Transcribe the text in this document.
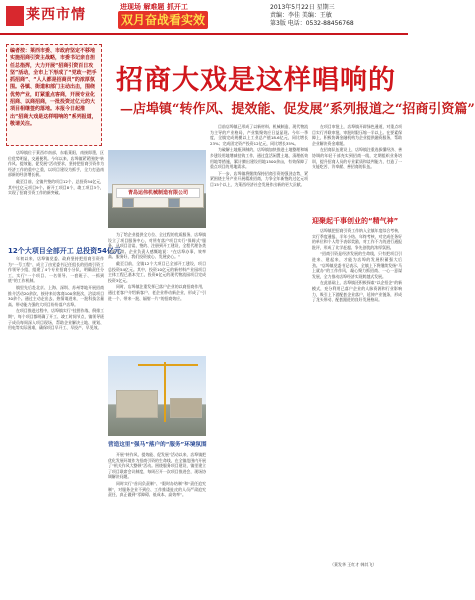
莱西市情	进现场 解难题 抓开工
双月奋战看实效
2013年5月22日 星期三
责编：李佳 美编：王敏
第3版 电话：0532-88456768
编者按：莱西市委、市政府坚定不移地实施招商引资主战略，市委书记亲自担任总指挥，大力开展“招商引资百日攻坚”活动，全市上下形成了“党政一把手抓招商”、“人人都是招商员”的浓厚氛围。各镇、街道和部门主动出击，围绕优势产业，盯紧重点客商，开展专业化招商、以商招商，一批投资过亿元的大项目相继签约落地。本报今日起推出“招商大戏是这样唱响的”系列报道，敬请关注。
招商大戏是这样唱响的
—店埠镇“转作风、提效能、促发展”系列报道之“招商引资篇”

店埠镇位于莱西市南部，东临莱阳，南接即墨，区位优势明显，交通便利。今年以来，店埠镇紧紧围绕“转作风、提效能、促发展”活动要求，坚持把招商引资作为经济工作的重中之重，以项目建设为抓手，全力打造南部新的经济增长极。

截至目前，全镇共签约项目12个，总投资54亿元，其中过亿元项目9个。新开工项目8个，竣工项目3个，实现了招商引资工作的新突破。

12个大项目全部开工 总投资54亿元

年初以来，店埠镇党委、政府坚持把招商引资作为“一号工程”，成立了由党委书记任组长的招商引资工作领导小组，组建了4个专业招商小分队，明确责任分工，实行“一个项目、一名领导、一套班子、一抓到底”的工作机制。

镇里先后赴北京、上海、深圳、苏州等地开展招商推介活动20余次，接待来访客商100余批次，洽谈项目30余个。通过主动走出去、热情请进来，一批科技含量高、带动能力强的大项目纷纷落户店埠。

在项目推进过程中，店埠镇实行“挂图作战、倒排工期”，每个项目都明确了开工、竣工时间节点，镇领导班子成员每周深入项目现场，帮助企业解决土地、规划、用电等实际困难，确保项目早开工、早投产、早见效。

青岛运伟机械制造有限公司

为了给企业提供全方位、全过程的优质服务，店埠镇设立了项目服务中心，对所有落户项目实行“保姆式”服务，从项目洽谈、签约、注册到开工建设，全程代理各类审批手续。企业负责人感慨地说：“在店埠办事，效率高、服务好，我们投资放心、发展安心。”

截至目前，全镇12个大项目已全部开工建设，项目总投资54亿元。其中，投资10亿元的新材料产业园项目主体工程已基本完工，投资8亿元的现代物流园项目完成投资3亿元。

同时，店埠镇注重发挥已落户企业的以商招商作用，通过老客户介绍新客户、老企业带动新企业，形成了“引进一个、带来一批、辐射一片”的招商效应。

营造这里“强马”落户的“服务”环境氛围

开展“转作风、提效能、促发展”活动以来，店埠镇把优化发展环境作为招商引资的生命线，在全镇范围内开展了“机关作风大整顿”活动。围绕服务项目建设，镇里建立了项目联席会议制度，每周召开一次项目推进会，现场协调解决问题。

同时实行“首问负责制”、“限时办结制”和“责任追究制”，对服务企业不到位、工作推诿扯皮的人员严肃追究责任，真正做到“零障碍、低成本、高效率”。

目前店埠镇已形成了以新材料、机械制造、现代物流为主导的产业格局，产业集聚效应日益显现。今年一季度，全镇完成规模以上工业总产值18.6亿元，同比增长23%；完成固定资产投资12亿元，同比增长35%。

为破解土地瓶颈制约，店埠镇加快推进土地整理和城乡建设用地增减挂钩工作，通过盘活闲置土地、清理低效用地等措施，累计腾出建设用地1500余亩，有效保障了重点项目的用地需求。

下一步，店埠镇将继续保持招商引资的强劲态势，紧紧围绕主导产业开展精准招商，力争全年新签约过亿元项目15个以上，为莱西经济社会发展作出新的更大贡献。

在项目审批上，店埠镇开辟绿色通道，对重点项目实行并联审批，审批时限压缩一半以上。在要素保障上，积极协调金融机构为企业提供融资服务，帮助企业解决资金难题。

在招商队伍建设上，店埠镇注重选拔懂经济、善协调的年轻干部充实到招商一线，定期组织业务培训，提升招商人员的专业素质和谈判能力，打造了一支能吃苦、肯奉献、善招商的队伍。

迎聚起千事创业的“精气神”

店埠镇把招商引资工作纳入全镇年度综合考核，实行季度通报、半年小结、年终考核，对完成任务好的单位和个人给予表彰奖励，对工作不力的进行通报批评，形成了比学赶超、争先创优的浓厚氛围。

“招商引资是经济发展的生命线，只有把项目引进来、建起来，才能为店埠的发展积蓄强大后劲。”店埠镇党委书记表示，全镇上下将继续发扬“马上就办”的工作作风，凝心聚力抓招商、一心一意谋发展，全力推动店埠经济实现跨越式发展。

在此基础上，店埠镇还积极探索“以企招企”的新模式，充分利用已落户企业的人脉资源和行业影响力，吸引上下游配套企业落户，延伸产业链条，形成了龙头带动、配套跟进的良好发展格局。

（莱发华 王红才 韩其飞）
